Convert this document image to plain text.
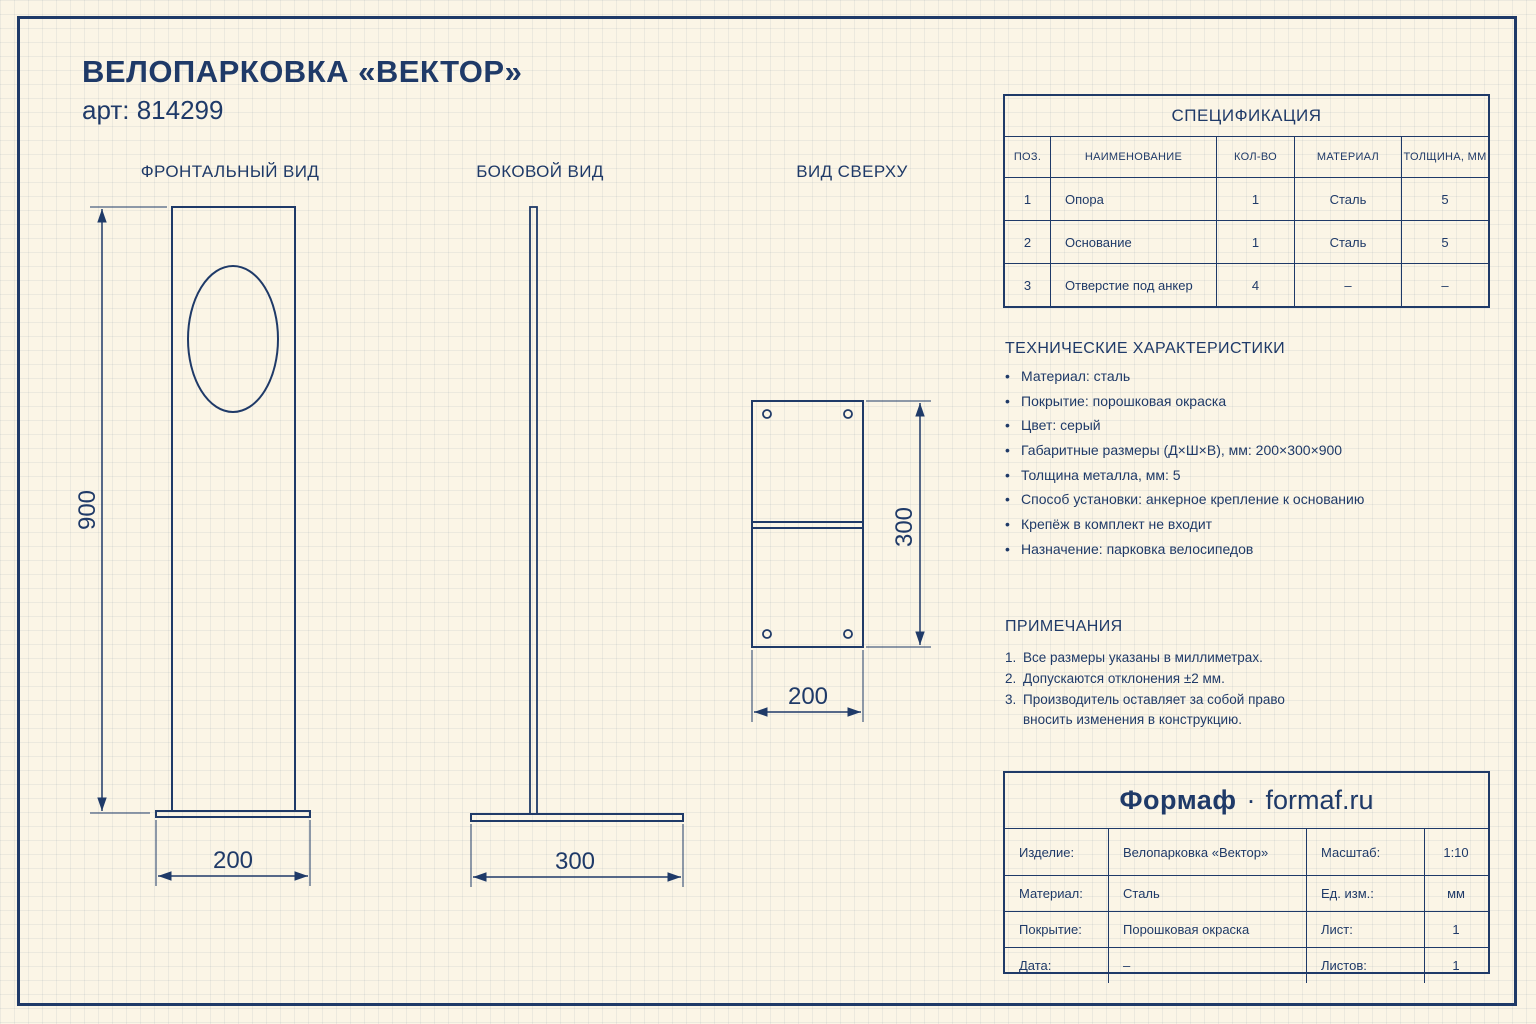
ВЕЛОПАРКОВКА «ВЕКТОР»
арт: 814299
ФРОНТАЛЬНЫЙ ВИД	БОКОВОЙ ВИД	ВИД СВЕРХУ
900
200	300
300
200
СПЕЦИФИКАЦИЯ				
ПОЗ.	НАИМЕНОВАНИЕ	КОЛ-ВО	МАТЕРИАЛ	ТОЛЩИНА, ММ
1	Опора	1	Сталь	5
2	Основание	1	Сталь	5
3	Отверстие под анкер	4	–	–
ТЕХНИЧЕСКИЕ ХАРАКТЕРИСТИКИ
• Материал: сталь
• Покрытие: порошковая окраска
• Цвет: серый
• Габаритные размеры (Д×Ш×В), мм: 200×300×900
• Толщина металла, мм: 5
• Способ установки: анкерное крепление к основанию
• Крепёж в комплект не входит
• Назначение: парковка велосипедов
ПРИМЕЧАНИЯ
1. Все размеры указаны в миллиметрах.
2. Допускаются отклонения ±2 мм.
3. Производитель оставляет за собой право вносить изменения в конструкцию.
Формаф · formaf.ru
Изделие:	Велопарковка «Вектор»	Масштаб:	1:10
Материал:	Сталь	Ед. изм.:	мм
Покрытие:	Порошковая окраска	Лист:	1
Дата:	–	Листов:	1
